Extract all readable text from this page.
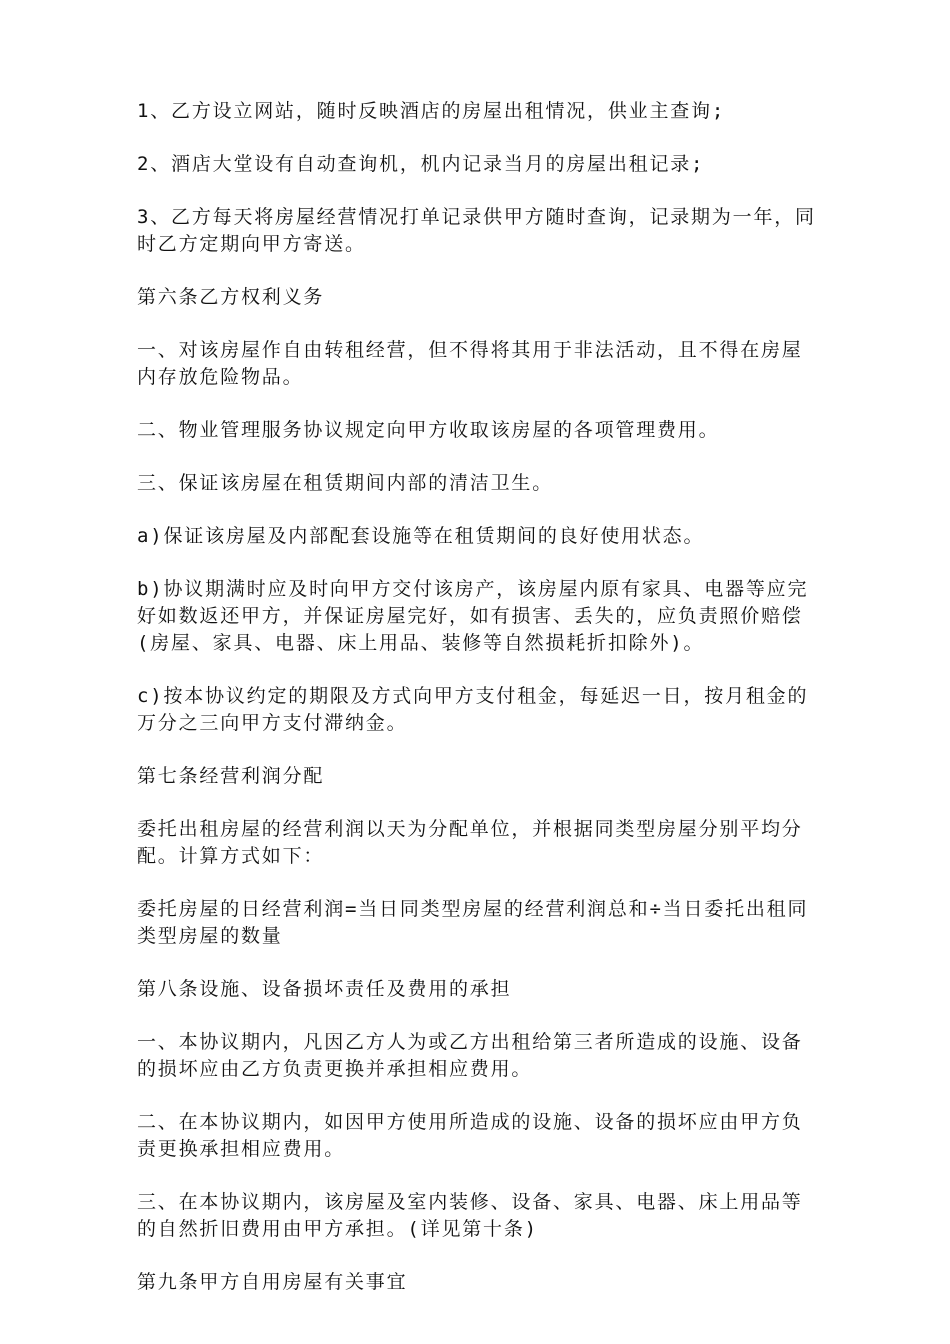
1、乙方设立网站，随时反映酒店的房屋出租情况，供业主查询;

2、酒店大堂设有自动查询机，机内记录当月的房屋出租记录;

3、乙方每天将房屋经营情况打单记录供甲方随时查询，记录期为一年，同时乙方定期向甲方寄送。

第六条乙方权利义务

一、对该房屋作自由转租经营，但不得将其用于非法活动，且不得在房屋内存放危险物品。

二、物业管理服务协议规定向甲方收取该房屋的各项管理费用。

三、保证该房屋在租赁期间内部的清洁卫生。

a)保证该房屋及内部配套设施等在租赁期间的良好使用状态。

b)协议期满时应及时向甲方交付该房产，该房屋内原有家具、电器等应完好如数返还甲方，并保证房屋完好，如有损害、丢失的，应负责照价赔偿(房屋、家具、电器、床上用品、装修等自然损耗折扣除外)。

c)按本协议约定的期限及方式向甲方支付租金，每延迟一日，按月租金的万分之三向甲方支付滞纳金。

第七条经营利润分配

委托出租房屋的经营利润以天为分配单位，并根据同类型房屋分别平均分配。计算方式如下：

委托房屋的日经营利润=当日同类型房屋的经营利润总和÷当日委托出租同类型房屋的数量

第八条设施、设备损坏责任及费用的承担

一、本协议期内，凡因乙方人为或乙方出租给第三者所造成的设施、设备的损坏应由乙方负责更换并承担相应费用。

二、在本协议期内，如因甲方使用所造成的设施、设备的损坏应由甲方负责更换承担相应费用。

三、在本协议期内，该房屋及室内装修、设备、家具、电器、床上用品等的自然折旧费用由甲方承担。(详见第十条)

第九条甲方自用房屋有关事宜
